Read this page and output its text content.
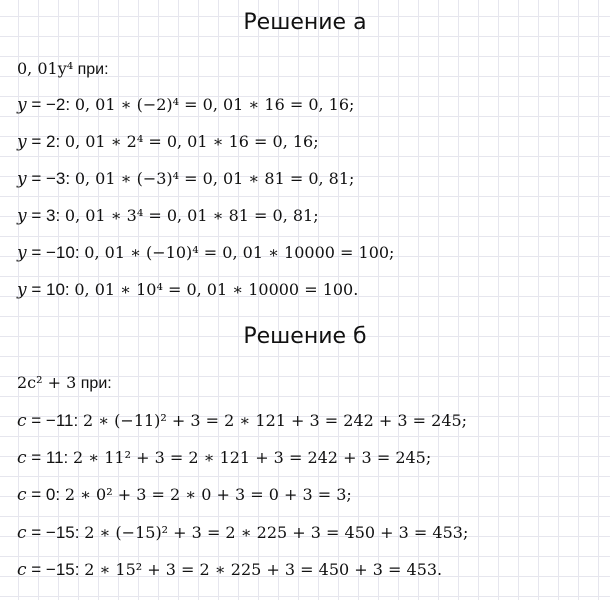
Решение а
0, 01y⁴ при:
y = −2: 0, 01 ∗ (−2)⁴ = 0, 01 ∗ 16 = 0, 16;
y = 2: 0, 01 ∗ 2⁴ = 0, 01 ∗ 16 = 0, 16;
y = −3: 0, 01 ∗ (−3)⁴ = 0, 01 ∗ 81 = 0, 81;
y = 3: 0, 01 ∗ 3⁴ = 0, 01 ∗ 81 = 0, 81;
y = −10: 0, 01 ∗ (−10)⁴ = 0, 01 ∗ 10000 = 100;
y = 10: 0, 01 ∗ 10⁴ = 0, 01 ∗ 10000 = 100.
Решение б
2c² + 3 при:
c = −11: 2 ∗ (−11)² + 3 = 2 ∗ 121 + 3 = 242 + 3 = 245;
c = 11: 2 ∗ 11² + 3 = 2 ∗ 121 + 3 = 242 + 3 = 245;
c = 0: 2 ∗ 0² + 3 = 2 ∗ 0 + 3 = 0 + 3 = 3;
c = −15: 2 ∗ (−15)² + 3 = 2 ∗ 225 + 3 = 450 + 3 = 453;
c = −15: 2 ∗ 15² + 3 = 2 ∗ 225 + 3 = 450 + 3 = 453.
